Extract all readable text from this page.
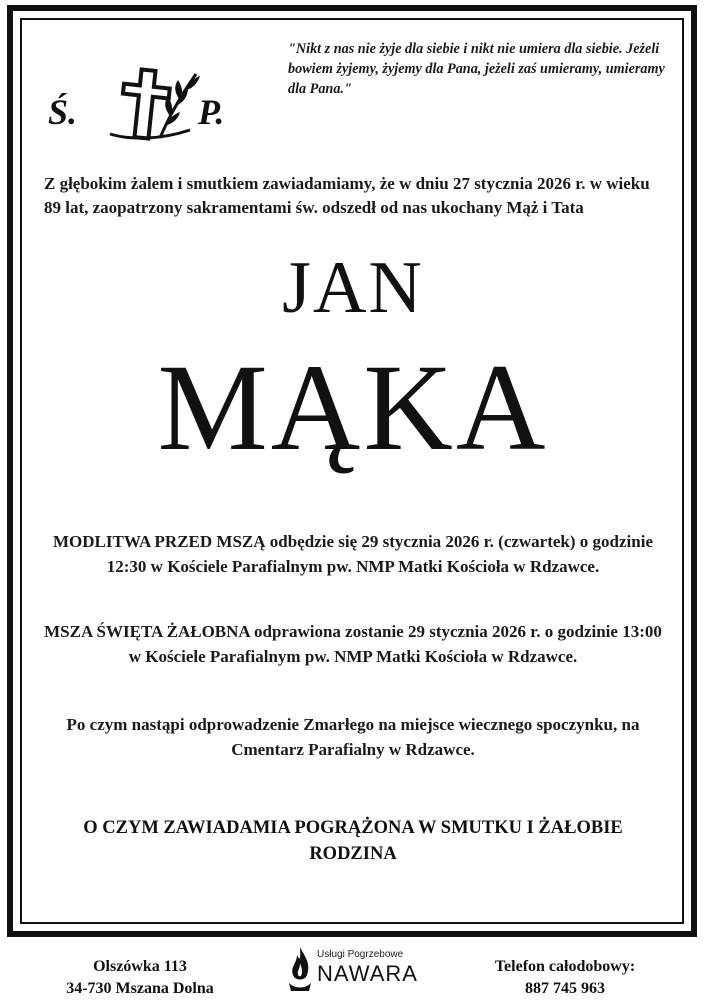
"Nikt z nas nie żyje dla siebie i nikt nie umiera dla siebie. Jeżeli bowiem żyjemy, żyjemy dla Pana, jeżeli zaś umieramy, umieramy dla Pana."
Ś.	P.
Z głębokim żalem i smutkiem zawiadamiamy, że w dniu 27 stycznia 2026 r. w wieku 89 lat, zaopatrzony sakramentami św. odszedł od nas ukochany Mąż i Tata
JAN
MĄKA
MODLITWA PRZED MSZĄ odbędzie się 29 stycznia 2026 r. (czwartek) o godzinie 12:30 w Kościele Parafialnym pw. NMP Matki Kościoła w Rdzawce.
MSZA ŚWIĘTA ŻAŁOBNA odprawiona zostanie 29 stycznia 2026 r. o godzinie 13:00 w Kościele Parafialnym pw. NMP Matki Kościoła w Rdzawce.
Po czym nastąpi odprowadzenie Zmarłego na miejsce wiecznego spoczynku, na Cmentarz Parafialny w Rdzawce.
O CZYM ZAWIADAMIA POGRĄŻONA W SMUTKU I ŻAŁOBIE
RODZINA
Olszówka 113
34-730 Mszana Dolna
Usługi Pogrzebowe
NAWARA	Telefon całodobowy:
887 745 963
